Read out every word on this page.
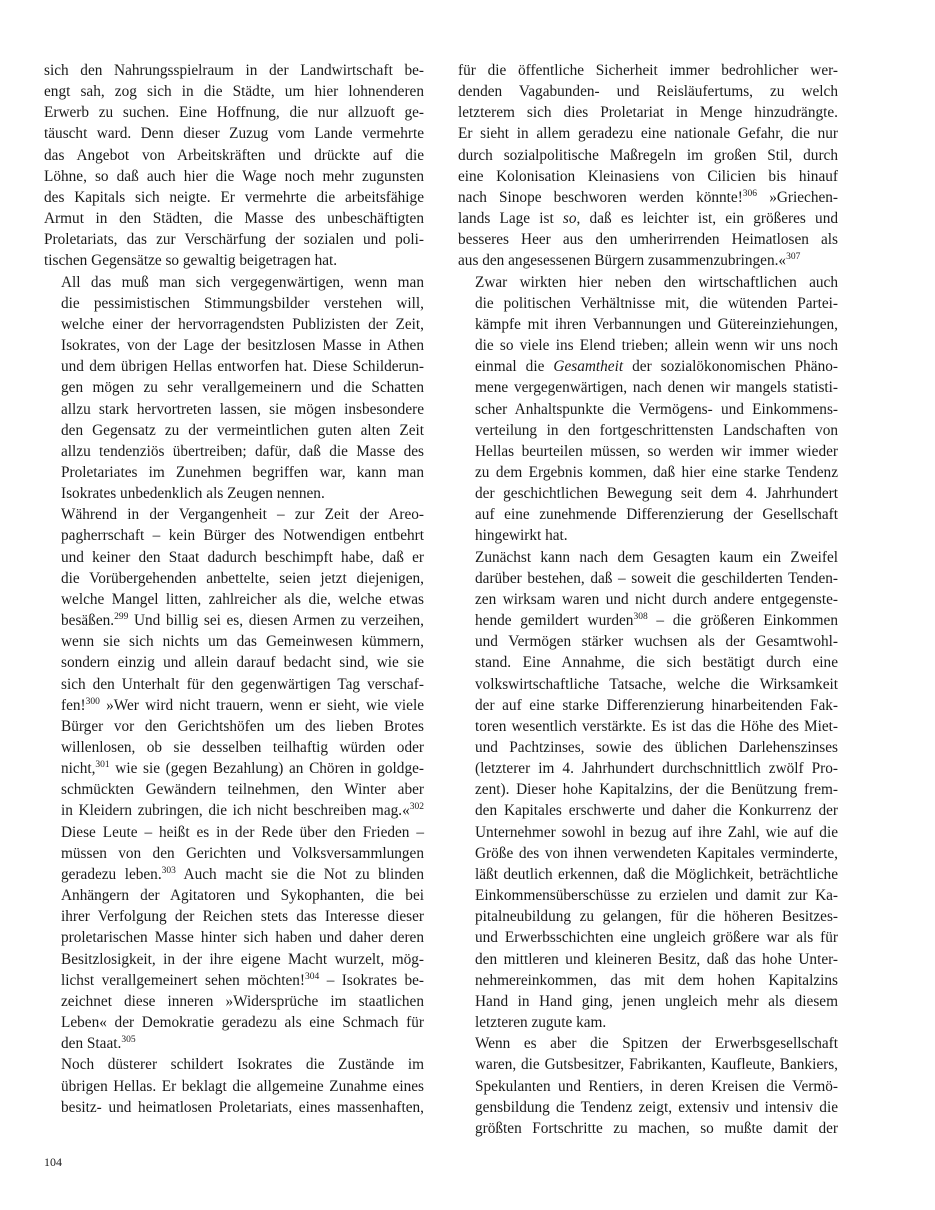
sich den Nahrungsspielraum in der Landwirtschaft be-
engt sah, zog sich in die Städte, um hier lohnenderen
Erwerb zu suchen. Eine Hoffnung, die nur allzuoft ge-
täuscht ward. Denn dieser Zuzug vom Lande vermehrte
das Angebot von Arbeitskräften und drückte auf die
Löhne, so daß auch hier die Wage noch mehr zugunsten
des Kapitals sich neigte. Er vermehrte die arbeitsfähige
Armut in den Städten, die Masse des unbeschäftigten
Proletariats, das zur Verschärfung der sozialen und poli-
tischen Gegensätze so gewaltig beigetragen hat.

All das muß man sich vergegenwärtigen, wenn man
die pessimistischen Stimmungsbilder verstehen will,
welche einer der hervorragendsten Publizisten der Zeit,
Isokrates, von der Lage der besitzlosen Masse in Athen
und dem übrigen Hellas entworfen hat. Diese Schilderun-
gen mögen zu sehr verallgemeinern und die Schatten
allzu stark hervortreten lassen, sie mögen insbesondere
den Gegensatz zu der vermeintlichen guten alten Zeit
allzu tendenziös übertreiben; dafür, daß die Masse des
Proletariates im Zunehmen begriffen war, kann man
Isokrates unbedenklich als Zeugen nennen.

Während in der Vergangenheit – zur Zeit der Areo-
pagherrschaft – kein Bürger des Notwendigen entbehrt
und keiner den Staat dadurch beschimpft habe, daß er
die Vorübergehenden anbettelte, seien jetzt diejenigen,
welche Mangel litten, zahlreicher als die, welche etwas
besäßen.$^{299}$ Und billig sei es, diesen Armen zu verzeihen,
wenn sie sich nichts um das Gemeinwesen kümmern,
sondern einzig und allein darauf bedacht sind, wie sie
sich den Unterhalt für den gegenwärtigen Tag verschaf-
fen!$^{300}$ »Wer wird nicht trauern, wenn er sieht, wie viele
Bürger vor den Gerichtshöfen um des lieben Brotes
willenlosen, ob sie desselben teilhaftig würden oder
nicht,$^{301}$ wie sie (gegen Bezahlung) an Chören in goldge-
schmückten Gewändern teilnehmen, den Winter aber
in Kleidern zubringen, die ich nicht beschreiben mag.«$^{302}$
Diese Leute – heißt es in der Rede über den Frieden –
müssen von den Gerichten und Volksversammlungen
geradezu leben.$^{303}$ Auch macht sie die Not zu blinden
Anhängern der Agitatoren und Sykophanten, die bei
ihrer Verfolgung der Reichen stets das Interesse dieser
proletarischen Masse hinter sich haben und daher deren
Besitzlosigkeit, in der ihre eigene Macht wurzelt, mög-
lichst verallgemeinert sehen möchten!$^{304}$ – Isokrates be-
zeichnet diese inneren »Widersprüche im staatlichen
Leben« der Demokratie geradezu als eine Schmach für
den Staat.$^{305}$

Noch düsterer schildert Isokrates die Zustände im
übrigen Hellas. Er beklagt die allgemeine Zunahme eines
besitz- und heimatlosen Proletariats, eines massenhaften,

für die öffentliche Sicherheit immer bedrohlicher wer-
denden Vagabunden- und Reisläufertums, zu welch
letzterem sich dies Proletariat in Menge hinzudrängte.
Er sieht in allem geradezu eine nationale Gefahr, die nur
durch sozialpolitische Maßregeln im großen Stil, durch
eine Kolonisation Kleinasiens von Cilicien bis hinauf
nach Sinope beschworen werden könnte!$^{306}$ »Griechen-
lands Lage ist so, daß es leichter ist, ein größeres und
besseres Heer aus den umherirrenden Heimatlosen als
aus den angesessenen Bürgern zusammenzubringen.«$^{307}$

Zwar wirkten hier neben den wirtschaftlichen auch
die politischen Verhältnisse mit, die wütenden Partei-
kämpfe mit ihren Verbannungen und Gütereinziehungen,
die so viele ins Elend trieben; allein wenn wir uns noch
einmal die Gesamtheit der sozialökonomischen Phäno-
mene vergegenwärtigen, nach denen wir mangels statisti-
scher Anhaltspunkte die Vermögens- und Einkommens-
verteilung in den fortgeschrittensten Landschaften von
Hellas beurteilen müssen, so werden wir immer wieder
zu dem Ergebnis kommen, daß hier eine starke Tendenz
der geschichtlichen Bewegung seit dem 4. Jahrhundert
auf eine zunehmende Differenzierung der Gesellschaft
hingewirkt hat.

Zunächst kann nach dem Gesagten kaum ein Zweifel
darüber bestehen, daß – soweit die geschilderten Tenden-
zen wirksam waren und nicht durch andere entgegenste-
hende gemildert wurden$^{308}$ – die größeren Einkommen
und Vermögen stärker wuchsen als der Gesamtwohl-
stand. Eine Annahme, die sich bestätigt durch eine
volkswirtschaftliche Tatsache, welche die Wirksamkeit
der auf eine starke Differenzierung hinarbeitenden Fak-
toren wesentlich verstärkte. Es ist das die Höhe des Miet-
und Pachtzinses, sowie des üblichen Darlehenszinses
(letzterer im 4. Jahrhundert durchschnittlich zwölf Pro-
zent). Dieser hohe Kapitalzins, der die Benützung frem-
den Kapitales erschwerte und daher die Konkurrenz der
Unternehmer sowohl in bezug auf ihre Zahl, wie auf die
Größe des von ihnen verwendeten Kapitales verminderte,
läßt deutlich erkennen, daß die Möglichkeit, beträchtliche
Einkommensüberschüsse zu erzielen und damit zur Ka-
pitalneubildung zu gelangen, für die höheren Besitzes-
und Erwerbsschichten eine ungleich größere war als für
den mittleren und kleineren Besitz, daß das hohe Unter-
nehmereinkommen, das mit dem hohen Kapitalzins
Hand in Hand ging, jenen ungleich mehr als diesem
letzteren zugute kam.

Wenn es aber die Spitzen der Erwerbsgesellschaft
waren, die Gutsbesitzer, Fabrikanten, Kaufleute, Bankiers,
Spekulanten und Rentiers, in deren Kreisen die Vermö-
gensbildung die Tendenz zeigt, extensiv und intensiv die
größten Fortschritte zu machen, so mußte damit der

104
